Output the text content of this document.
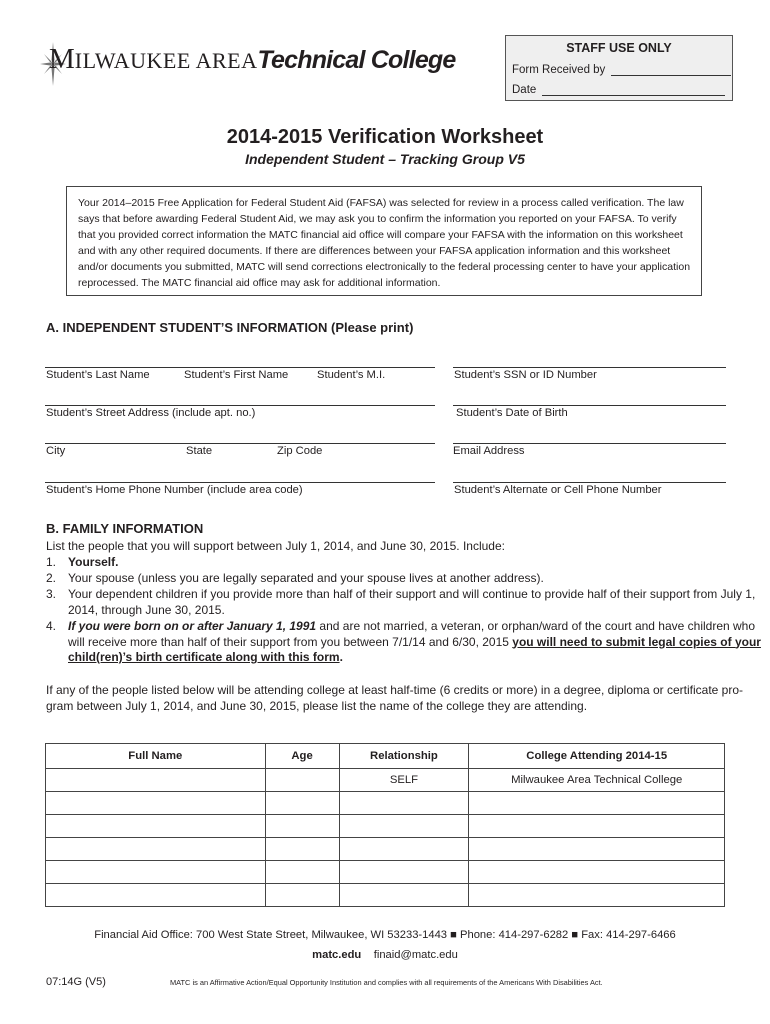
MILWAUKEE AREATechnical College	STAFF USE ONLY
Form Received by
Date
2014-2015 Verification Worksheet
Independent Student – Tracking Group V5
Your 2014–2015 Free Application for Federal Student Aid (FAFSA) was selected for review in a process called verification. The law says that before awarding Federal Student Aid, we may ask you to confirm the information you reported on your FAFSA. To verify that you provided correct information the MATC financial aid office will compare your FAFSA with the information on this worksheet and with any other required documents. If there are differences between your FAFSA application information and this worksheet and/or documents you submitted, MATC will send corrections electronically to the federal processing center to have your application reprocessed. The MATC financial aid office may ask for additional information.
A. INDEPENDENT STUDENT’S INFORMATION (Please print)
Student’s Last Name	Student’s First Name	Student’s M.I.	Student’s SSN or ID Number
Student’s Street Address (include apt. no.)	Student’s Date of Birth
City	State	Zip Code	Email Address
Student’s Home Phone Number (include area code)	Student’s Alternate or Cell Phone Number
B. FAMILY INFORMATION
List the people that you will support between July 1, 2014, and June 30, 2015. Include:
1. Yourself.
2. Your spouse (unless you are legally separated and your spouse lives at another address).
3. Your dependent children if you provide more than half of their support and will continue to provide half of their support from July 1,
2014, through June 30, 2015.
4. If you were born on or after January 1, 1991 and are not married, a veteran, or orphan/ward of the court and have children who
will receive more than half of their support from you between 7/1/14 and 6/30, 2015 you will need to submit legal copies of your
child(ren)’s birth certificate along with this form.
If any of the people listed below will be attending college at least half-time (6 credits or more) in a degree, diploma or certificate pro-
gram between July 1, 2014, and June 30, 2015, please list the name of the college they are attending.
Full Name	Age	Relationship	College Attending 2014-15
		SELF	Milwaukee Area Technical College

Financial Aid Office: 700 West State Street, Milwaukee, WI 53233-1443 ■ Phone: 414-297-6282 ■ Fax: 414-297-6466
matc.edu finaid@matc.edu
07:14G (V5)	MATC is an Affirmative Action/Equal Opportunity Institution and complies with all requirements of the Americans With Disabilities Act.
